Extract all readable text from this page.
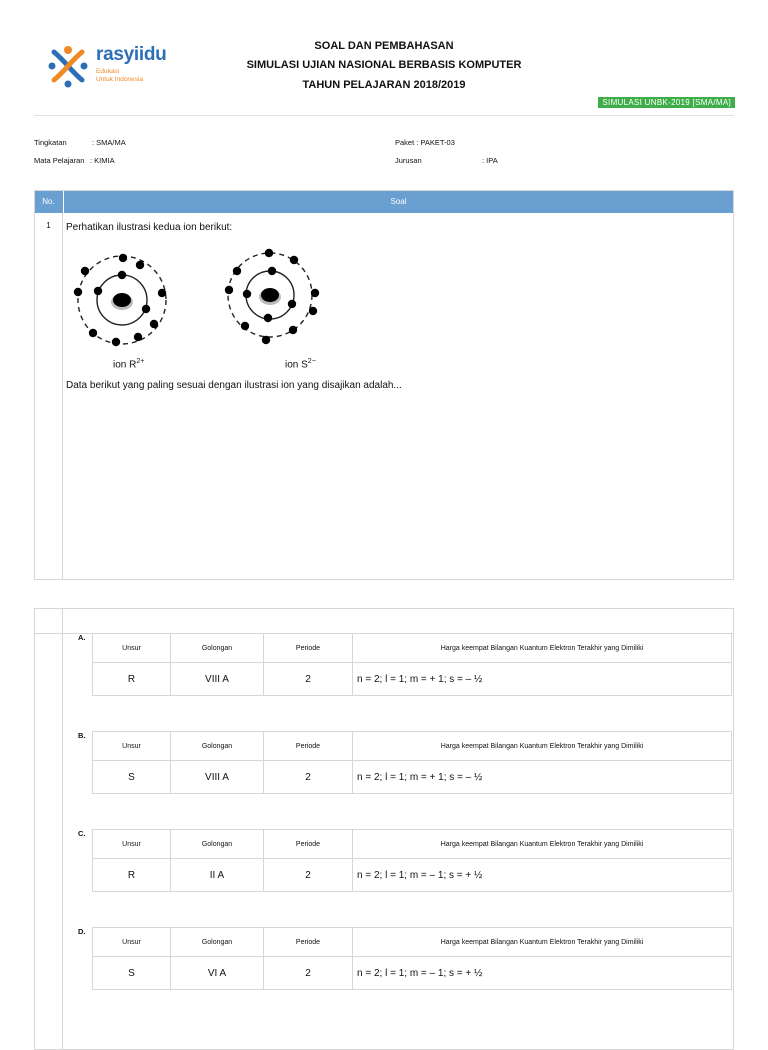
rasyiidu
Edukasi
Untuk Indonesia
SOAL DAN PEMBAHASAN
SIMULASI UJIAN NASIONAL BERBASIS KOMPUTER
TAHUN PELAJARAN 2018/2019
SIMULASI UNBK-2019 [SMA/MA]
Tingkatan	: SMA/MA
Mata Pelajaran : KIMIA
Paket : PAKET-03
Jurusan	: IPA
No.	Soal
1	Perhatikan ilustrasi kedua ion berikut:
ion $R^{2+}$	ion $S^{2-}$
Data berikut yang paling sesuai dengan ilustrasi ion yang disajikan adalah...
A.
Unsur	Golongan	Periode	Harga keempat Bilangan Kuantum Elektron Terakhir yang Dimiliki
R	VIII A	2	n = 2; l = 1; m = + 1; s = – ½
B.
Unsur	Golongan	Periode	Harga keempat Bilangan Kuantum Elektron Terakhir yang Dimiliki
S	VIII A	2	n = 2; l = 1; m = + 1; s = – ½
C.
Unsur	Golongan	Periode	Harga keempat Bilangan Kuantum Elektron Terakhir yang Dimiliki
R	II A	2	n = 2; l = 1; m = – 1; s = + ½
D.
Unsur	Golongan	Periode	Harga keempat Bilangan Kuantum Elektron Terakhir yang Dimiliki
S	VI A	2	n = 2; l = 1; m = – 1; s = + ½
